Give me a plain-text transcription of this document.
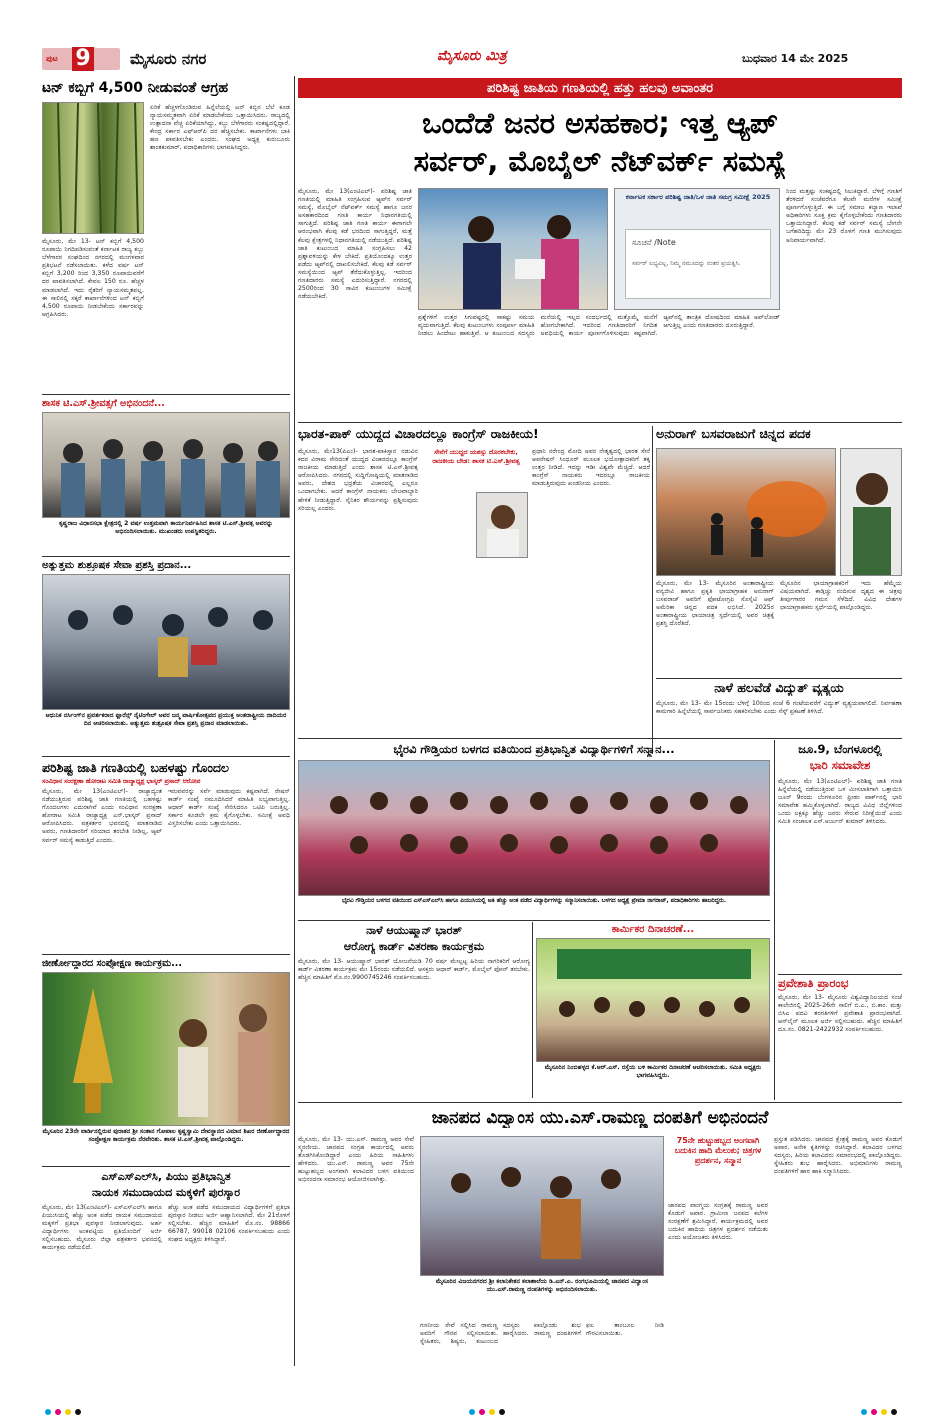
ಪುಟ 9	ಮೈಸೂರು ನಗರ	ಮೈಸೂರು ಮಿತ್ರ	ಬುಧವಾರ 14 ಮೇ 2025
ಟನ್ ಕಬ್ಬಿಗೆ 4,500 ನೀಡುವಂತೆ ಆಗ್ರಹ
ಮೈಸೂರು, ಮೇ 13- ಟನ್ ಕಬ್ಬಿಗೆ 4,500 ರೂಪಾಯಿ ನಿಗದಿಪಡಿಸುವಂತೆ ಕರ್ನಾಟಕ ರಾಜ್ಯ ಕಬ್ಬು ಬೆಳೆಗಾರರ ಸಂಘದಿಂದ ನಗರದಲ್ಲಿ ಮಂಗಳವಾರ ಪ್ರತಿಭಟನೆ ನಡೆಸಲಾಯಿತು. ಕಳೆದ ವರ್ಷ ಟನ್ ಕಬ್ಬಿಗೆ 3,200 ರಿಂದ 3,350 ರೂಪಾಯಿವರೆಗೆ ದರ ಪಾವತಿಸಲಾಗಿದೆ. ಕೇವಲ 150 ರೂ. ಹೆಚ್ಚಳ ಮಾಡಲಾಗಿದೆ. ಇದು ರೈತರಿಗೆ ನ್ಯಾಯಸಮ್ಮತವಲ್ಲ. ಈ ಸಾಲಿನಲ್ಲಿ ಸಕ್ಕರೆ ಕಾರ್ಖಾನೆಗಳಿಂದ ಟನ್ ಕಬ್ಬಿಗೆ 4,500 ರೂಪಾಯಿ ನೀಡಬೇಕೆಂದು ಸರ್ಕಾರವನ್ನು ಆಗ್ರಹಿಸಿದರು.
ಏರಿಕೆ ಹೆಚ್ಚಳಗೊಂಡಿರುವ ಹಿನ್ನೆಲೆಯಲ್ಲಿ ಟನ್ ಕಬ್ಬಿನ ಬೆಲೆ ಕೂಡ ನ್ಯಾಯಸಮ್ಮತವಾಗಿ ಏರಿಕೆ ಮಾಡಬೇಕೆಂದು ಒತ್ತಾಯಿಸಿದರು. ರಾಜ್ಯದಲ್ಲಿ ಉತ್ಪಾದನಾ ವೆಚ್ಚ ಏರಿಕೆಯಾಗಿದ್ದು, ಕಬ್ಬು ಬೆಳೆಗಾರರು ಸಂಕಷ್ಟದಲ್ಲಿದ್ದಾರೆ. ಕೇಂದ್ರ ಸರ್ಕಾರ ಎಫ್‌ಆರ್‌ಪಿ ದರ ಹೆಚ್ಚಿಸಬೇಕು. ಕಾರ್ಖಾನೆಗಳು ಬಾಕಿ ಹಣ ಪಾವತಿಸಬೇಕು ಎಂದರು. ಸಂಘದ ಅಧ್ಯಕ್ಷ ಕುರುಬೂರು ಶಾಂತಕುಮಾರ್, ಪದಾಧಿಕಾರಿಗಳು ಭಾಗವಹಿಸಿದ್ದರು.
ಶಾಸಕ ಟಿ.ಎಸ್.ಶ್ರೀವತ್ಸಗೆ ಅಭಿನಂದನೆ...
ಕೃಷ್ಣರಾಜ ವಿಧಾನಸಭಾ ಕ್ಷೇತ್ರದಲ್ಲಿ 2 ವರ್ಷ ಉತ್ತಮವಾಗಿ ಕಾರ್ಯನಿರ್ವಹಿಸಿದ ಶಾಸಕ ಟಿ.ಎಸ್.ಶ್ರೀವತ್ಸ ಅವರನ್ನು ಅಭಿನಂದಿಸಲಾಯಿತು. ಮುಖಂಡರು ಉಪಸ್ಥಿತರಿದ್ದರು.
ಅತ್ಯುತ್ತಮ ಶುಶ್ರೂಷಕ ಸೇವಾ ಪ್ರಶಸ್ತಿ ಪ್ರದಾನ...
ಆಧುನಿಕ ನರ್ಸಿಂಗ್‌ನ ಪ್ರವರ್ತಕರಾದ ಫ್ಲಾರೆನ್ಸ್ ನೈಟಿಂಗೇಲ್ ಅವರ ಜನ್ಮ ವಾರ್ಷಿಕೋತ್ಸವದ ಪ್ರಯುಕ್ತ ಅಂತರಾಷ್ಟ್ರೀಯ ದಾದಿಯರ ದಿನ ಆಚರಿಸಲಾಯಿತು. ಅತ್ಯುತ್ತಮ ಶುಶ್ರೂಷಕ ಸೇವಾ ಪ್ರಶಸ್ತಿ ಪ್ರದಾನ ಮಾಡಲಾಯಿತು.
ಪರಿಶಿಷ್ಟ ಜಾತಿ ಗಣತಿಯಲ್ಲಿ ಬಹಳಷ್ಟು ಗೊಂದಲ
ಸಂವಿಧಾನ ಸಂರಕ್ಷಣಾ ಹೋರಾಟ ಸಮಿತಿ ರಾಜ್ಯಾಧ್ಯಕ್ಷ ಭಾಸ್ಕರ್ ಪ್ರಸಾದ್ ಆರೋಪ
ಮೈಸೂರು, ಮೇ 13(ಎಂಟಿಎಲ್)- ರಾಜ್ಯಾದ್ಯಂತ ನಡೆಯುತ್ತಿರುವ ಪರಿಶಿಷ್ಟ ಜಾತಿ ಗಣತಿಯಲ್ಲಿ ಬಹಳಷ್ಟು ಗೊಂದಲಗಳು ಎದುರಾಗಿವೆ ಎಂದು ಸಂವಿಧಾನ ಸಂರಕ್ಷಣಾ ಹೋರಾಟ ಸಮಿತಿ ರಾಜ್ಯಾಧ್ಯಕ್ಷ ಎನ್.ಭಾಸ್ಕರ್ ಪ್ರಸಾದ್ ಆರೋಪಿಸಿದರು. ಪತ್ರಕರ್ತರ ಭವನದಲ್ಲಿ ಮಾತನಾಡಿದ ಅವರು, ಗಣತಿದಾರರಿಗೆ ಸರಿಯಾದ ತರಬೇತಿ ನೀಡಿಲ್ಲ, ಆ್ಯಪ್ ಸರ್ವರ್ ಸಮಸ್ಯೆ ಕಾಡುತ್ತಿದೆ ಎಂದರು.
ಇರುವವರನ್ನು ಸರ್ವೆ ಮಾಡುವುದು ಕಷ್ಟವಾಗಿದೆ. ರೇಷನ್ ಕಾರ್ಡ್ ಸಂಖ್ಯೆ ನಮೂದಿಸಿದರೆ ಮಾಹಿತಿ ಲಭ್ಯವಾಗುತ್ತಿಲ್ಲ. ಆಧಾರ್ ಕಾರ್ಡ್ ಸಂಖ್ಯೆ ಸೇರಿಸಿದರೂ ಒಟಿಪಿ ಬರುತ್ತಿಲ್ಲ. ಸರ್ಕಾರ ಕೂಡಲೇ ಕ್ರಮ ಕೈಗೊಳ್ಳಬೇಕು. ಸಮೀಕ್ಷೆ ಅವಧಿ ವಿಸ್ತರಿಸಬೇಕು ಎಂದು ಒತ್ತಾಯಿಸಿದರು.
ಜೀರ್ಣೋದ್ಧಾರದ ಸಂಪ್ರೋಕ್ಷಣ ಕಾರ್ಯಕ್ರಮ...
ಮೈಸೂರಿನ 23ನೇ ವಾರ್ಡಿನಲ್ಲಿರುವ ಪುರಾತನ ಶ್ರೀ ಸಂತಾನ ಗೋಪಾಲ ಕೃಷ್ಣಸ್ವಾಮಿ ದೇವಸ್ಥಾನದ ವಿಮಾನ ಶಿಖರ ಜೀರ್ಣೋದ್ಧಾರದ ಸಂಪ್ರೋಕ್ಷಣ ಕಾರ್ಯಕ್ರಮ ನೆರವೇರಿತು. ಶಾಸಕ ಟಿ.ಎಸ್.ಶ್ರೀವತ್ಸ ಪಾಲ್ಗೊಂಡಿದ್ದರು.
ಎಸ್‌ಎಸ್‌ಎಲ್‌ಸಿ, ಪಿಯು ಪ್ರತಿಭಾನ್ವಿತ
ನಾಯಕ ಸಮುದಾಯದ ಮಕ್ಕಳಿಗೆ ಪುರಸ್ಕಾರ
ಮೈಸೂರು, ಮೇ 13(ಎಂಟಿಎಲ್)- ಎಸ್‌ಎಸ್‌ಎಲ್‌ಸಿ ಹಾಗೂ ಪಿಯುಸಿಯಲ್ಲಿ ಹೆಚ್ಚು ಅಂಕ ಪಡೆದ ನಾಯಕ ಸಮುದಾಯದ ಮಕ್ಕಳಿಗೆ ಪ್ರತಿಭಾ ಪುರಸ್ಕಾರ ನೀಡಲಾಗುವುದು. ಅರ್ಹ ವಿದ್ಯಾರ್ಥಿಗಳು ಅಂಕಪಟ್ಟಿಯ ಪ್ರತಿಯೊಂದಿಗೆ ಅರ್ಜಿ ಸಲ್ಲಿಸಬಹುದು. ಮೈಸೂರು ಜಿಲ್ಲಾ ಪತ್ರಕರ್ತರ ಭವನದಲ್ಲಿ ಕಾರ್ಯಕ್ರಮ ನಡೆಯಲಿದೆ.
ಹೆಚ್ಚು ಅಂಕ ಪಡೆದ ಸಮುದಾಯದ ವಿದ್ಯಾರ್ಥಿಗಳಿಗೆ ಪ್ರತಿಭಾ ಪುರಸ್ಕಾರ ನೀಡಲು ಅರ್ಜಿ ಆಹ್ವಾನಿಸಲಾಗಿದೆ. ಮೇ 21ರೊಳಗೆ ಸಲ್ಲಿಸಬೇಕು. ಹೆಚ್ಚಿನ ಮಾಹಿತಿಗೆ ಮೊ.ನಂ. 98866 66787, 99018 02106 ಸಂಪರ್ಕಿಸಬಹುದು ಎಂದು ಸಂಘದ ಅಧ್ಯಕ್ಷರು ತಿಳಿಸಿದ್ದಾರೆ.
ಪರಿಶಿಷ್ಟ ಜಾತಿಯ ಗಣತಿಯಲ್ಲಿ ಹತ್ತು ಹಲವು ಅವಾಂತರ
ಒಂದೆಡೆ ಜನರ ಅಸಹಕಾರ; ಇತ್ತ ಆ್ಯಪ್
ಸರ್ವರ್, ಮೊಬೈಲ್ ನೆಟ್‌ವರ್ಕ್ ಸಮಸ್ಯೆ
ಕರ್ನಾಟಕ ಸರ್ಕಾರ ಪರಿಶಿಷ್ಟ ಜಾತಿ/ಒಳ ಜಾತಿ ಸಮಗ್ರ ಸಮೀಕ್ಷೆ 2025
ಸೂಚನೆ /Note
ಸರ್ವರ್ ಲಭ್ಯವಿಲ್ಲ, ನಿಮ್ಮ ನಮೂದನ್ನು ನಂತರ ಪ್ರಯತ್ನಿಸಿ.
ಮೈಸೂರು, ಮೇ 13(ಎಂಟಿಎಲ್)- ಪರಿಶಿಷ್ಟ ಜಾತಿ ಗಣತಿಯಲ್ಲಿ ಮಾಹಿತಿ ಸಂಗ್ರಹಿಸುವ ಆ್ಯಪ್‌ನ ಸರ್ವರ್ ಸಮಸ್ಯೆ, ಮೊಬೈಲ್ ನೆಟ್‌ವರ್ಕ್ ಸಮಸ್ಯೆ ಹಾಗೂ ಜನರ ಅಸಹಕಾರದಿಂದ ಗಣತಿ ಕಾರ್ಯ ನಿಧಾನಗತಿಯಲ್ಲಿ ಸಾಗುತ್ತಿದೆ. ಪರಿಶಿಷ್ಟ ಜಾತಿ ಗಣತಿ ಕಾರ್ಯ ಈಗಾಗಲೇ ಆರಂಭವಾಗಿ ಕೆಲವು ಕಡೆ ಭರದಿಂದ ಸಾಗುತ್ತಿದ್ದರೆ, ಮತ್ತೆ ಕೆಲವು ಕ್ಷೇತ್ರಗಳಲ್ಲಿ ನಿಧಾನಗತಿಯಲ್ಲಿ ನಡೆಯುತ್ತಿದೆ. ಪರಿಶಿಷ್ಟ ಜಾತಿ ಕುಟುಂಬದ ಮಾಹಿತಿ ಸಂಗ್ರಹಿಸಲು 42 ಪ್ರಶ್ನಾವಳಿಯನ್ನು ಕೇಳ ಬೇಕಿದೆ. ಪ್ರತಿಯೊಂದಕ್ಕೂ ಉತ್ತರ ಪಡೆದು ಆ್ಯಪ್‌ನಲ್ಲಿ ದಾಖಲಿಸಬೇಕಿದೆ. ಕೆಲವು ಕಡೆ ಸರ್ವರ್ ಸಮಸ್ಯೆಯಿಂದ ಆ್ಯಪ್ ತೆರೆದುಕೊಳ್ಳುತ್ತಿಲ್ಲ. ಇದರಿಂದ ಗಣತಿದಾರರು ಸಮಸ್ಯೆ ಎದುರಿಸುತ್ತಿದ್ದಾರೆ. ನಗರದಲ್ಲಿ 2500ರಿಂದ 30 ಸಾವಿರ ಕುಟುಂಬಗಳ ಸಮೀಕ್ಷೆ ನಡೆಯಬೇಕಿದೆ.
ಪ್ರಶ್ನೆಗಳಿಗೆ ಉತ್ತರ ಸಿಗುವಷ್ಟರಲ್ಲಿ ಸಾಕಷ್ಟು ಸಮಯ ವ್ಯಯವಾಗುತ್ತಿದೆ. ಕೆಲವು ಕುಟುಂಬಗಳು ಸಂಪೂರ್ಣ ಮಾಹಿತಿ ನೀಡಲು ಹಿಂದೇಟು ಹಾಕುತ್ತಿವೆ. ಆ ಕುಟುಂಬದ ಸದಸ್ಯರು ಮನೆಯಲ್ಲಿ ಇಲ್ಲದ ಸಂದರ್ಭದಲ್ಲಿ ಮತ್ತೊಮ್ಮೆ ಮನೆಗೆ ಹೋಗಬೇಕಾಗಿದೆ. ಇದರಿಂದ ಗಣತಿದಾರರಿಗೆ ನಿಗದಿತ ಅವಧಿಯಲ್ಲಿ ಕಾರ್ಯ ಪೂರ್ಣಗೊಳಿಸುವುದು ಕಷ್ಟವಾಗಿದೆ. ಆ್ಯಪ್‌ನಲ್ಲಿ ತಾಂತ್ರಿಕ ದೋಷದಿಂದ ಮಾಹಿತಿ ಅಪ್‌ಲೋಡ್ ಆಗುತ್ತಿಲ್ಲ ಎಂದು ಗಣತಿದಾರರು ದೂರುತ್ತಿದ್ದಾರೆ.
ನಿಂದ ಮತ್ತಷ್ಟು ಸಂಕಷ್ಟದಲ್ಲಿ ಸಿಲುಕಿದ್ದಾರೆ. ಬೆಳಿಗ್ಗೆ ಗಣತಿಗೆ ತೆರಳಿದರೆ ಸಂಜೆವರೆಗೂ ಕೆಲವೇ ಮನೆಗಳ ಸಮೀಕ್ಷೆ ಪೂರ್ಣಗೊಳ್ಳುತ್ತಿದೆ. ಈ ಬಗ್ಗೆ ಸಮಾಜ ಕಲ್ಯಾಣ ಇಲಾಖೆ ಅಧಿಕಾರಿಗಳು ಸೂಕ್ತ ಕ್ರಮ ಕೈಗೊಳ್ಳಬೇಕೆಂದು ಗಣತಿದಾರರು ಒತ್ತಾಯಿಸಿದ್ದಾರೆ. ಕೆಲವು ಕಡೆ ಸರ್ವರ್ ಸಮಸ್ಯೆ ಬೇಗನೇ ಬಗೆಹರಿದಿದ್ದು ಮೇ 23 ರೊಳಗೆ ಗಣತಿ ಮುಗಿಸುವುದು ಅನಿವಾರ್ಯವಾಗಿದೆ.
ಭಾರತ-ಪಾಕ್ ಯುದ್ಧದ ವಿಚಾರದಲ್ಲೂ ಕಾಂಗ್ರೆಸ್ ರಾಜಕೀಯ!
ಮೈಸೂರು, ಮೇ13(ಪಿಎಂ)- ಭಾರತ-ಪಾಕಿಸ್ತಾನ ನಡುವಿನ ಕದನ ವಿರಾಮ ಸೇರಿದಂತೆ ಯುದ್ಧದ ವಿಚಾರದಲ್ಲೂ ಕಾಂಗ್ರೆಸ್ ರಾಜಕೀಯ ಮಾಡುತ್ತಿದೆ ಎಂದು ಶಾಸಕ ಟಿ.ಎಸ್.ಶ್ರೀವತ್ಸ ಆರೋಪಿಸಿದರು. ನಗರದಲ್ಲಿ ಸುದ್ದಿಗೋಷ್ಠಿಯಲ್ಲಿ ಮಾತನಾಡಿದ ಅವರು, ದೇಶದ ಭದ್ರತೆಯ ವಿಚಾರದಲ್ಲಿ ಎಲ್ಲರೂ ಒಂದಾಗಬೇಕು. ಆದರೆ ಕಾಂಗ್ರೆಸ್ ನಾಯಕರು ಬೇಜವಾಬ್ದಾರಿ ಹೇಳಿಕೆ ನೀಡುತ್ತಿದ್ದಾರೆ. ಸೈನಿಕರ ಶೌರ್ಯವನ್ನು ಪ್ರಶ್ನಿಸುವುದು ಸರಿಯಲ್ಲ ಎಂದರು.
ಸೇನೆಗೆ ಯುದ್ಧದ ಯಶಸ್ಸು ದೊರಕಬೇಕು, ರಾಜಕೀಯ ಬೇಡ: ಶಾಸಕ ಟಿ.ಎಸ್.ಶ್ರೀವತ್ಸ
ಪ್ರಧಾನಿ ನರೇಂದ್ರ ಮೋದಿ ಅವರ ನೇತೃತ್ವದಲ್ಲಿ ಭಾರತ ಸೇನೆ ಆಪರೇಷನ್ ಸಿಂಧೂರ್ ಮೂಲಕ ಭಯೋತ್ಪಾದಕರಿಗೆ ತಕ್ಕ ಉತ್ತರ ನೀಡಿದೆ. ಇದನ್ನು ಇಡೀ ವಿಶ್ವವೇ ಮೆಚ್ಚಿದೆ. ಆದರೆ ಕಾಂಗ್ರೆಸ್ ನಾಯಕರು ಇದರಲ್ಲೂ ರಾಜಕೀಯ ಮಾಡುತ್ತಿರುವುದು ಖಂಡನೀಯ ಎಂದರು.
ಅನುರಾಗ್ ಬಸವರಾಜುಗೆ ಚಿನ್ನದ ಪದಕ
ಮೈಸೂರು, ಮೇ 13- ಮೈಸೂರಿನ ಅಂತಾರಾಷ್ಟ್ರೀಯ ವನ್ಯಜೀವಿ ಹಾಗೂ ಪ್ರಕೃತಿ ಛಾಯಾಗ್ರಾಹಕ ಅನುರಾಗ್ ಬಸವರಾಜ್ ಅವರಿಗೆ ಫೋಟೋಗ್ರಫಿ ಸೊಸೈಟಿ ಆಫ್ ಅಮೆರಿಕಾ ಚಿನ್ನದ ಪದಕ ಲಭಿಸಿದೆ. 2025ರ ಅಂತಾರಾಷ್ಟ್ರೀಯ ಛಾಯಾಚಿತ್ರ ಸ್ಪರ್ಧೆಯಲ್ಲಿ ಅವರ ಚಿತ್ರಕ್ಕೆ ಪ್ರಶಸ್ತಿ ದೊರೆತಿದೆ.
ಮೈಸೂರಿನ ಛಾಯಾಗ್ರಾಹಕರಿಗೆ ಇದು ಹೆಮ್ಮೆಯ ವಿಷಯವಾಗಿದೆ. ಕಾಡ್ಗಿಚ್ಚು ನಂದಿಸುವ ದೃಶ್ಯದ ಈ ಚಿತ್ರವು ತೀರ್ಪುಗಾರರ ಗಮನ ಸೆಳೆದಿದೆ. ವಿವಿಧ ದೇಶಗಳ ಛಾಯಾಗ್ರಾಹಕರು ಸ್ಪರ್ಧೆಯಲ್ಲಿ ಪಾಲ್ಗೊಂಡಿದ್ದರು.
ನಾಳೆ ಹಲವೆಡೆ ವಿದ್ಯುತ್ ವ್ಯತ್ಯಯ
ಮೈಸೂರು, ಮೇ 13- ಮೇ 15ರಂದು ಬೆಳಿಗ್ಗೆ 10ರಿಂದ ಸಂಜೆ 6 ಗಂಟೆಯವರೆಗೆ ವಿದ್ಯುತ್ ವ್ಯತ್ಯಯವಾಗಲಿದೆ. ನಿರ್ವಹಣಾ ಕಾಮಗಾರಿ ಹಿನ್ನೆಲೆಯಲ್ಲಿ ಸಾರ್ವಜನಿಕರು ಸಹಕರಿಸಬೇಕು ಎಂದು ಸೆಸ್ಕ್ ಪ್ರಕಟಣೆ ತಿಳಿಸಿದೆ.
ಭೈರವಿ ಗೌಡ್ತಿಯರ ಬಳಗದ ವತಿಯಿಂದ ಪ್ರತಿಭಾನ್ವಿತ ವಿದ್ಯಾರ್ಥಿಗಳಿಗೆ ಸನ್ಮಾನ...
ಭೈರವಿ ಗೌಡ್ತಿಯರ ಬಳಗದ ವತಿಯಿಂದ ಎಸ್‌ಎಸ್‌ಎಲ್‌ಸಿ ಹಾಗೂ ಪಿಯುಸಿಯಲ್ಲಿ ಅತಿ ಹೆಚ್ಚು ಅಂಕ ಪಡೆದ ವಿದ್ಯಾರ್ಥಿಗಳನ್ನು ಸನ್ಮಾನಿಸಲಾಯಿತು. ಬಳಗದ ಅಧ್ಯಕ್ಷೆ ಪ್ರೇಮಾ ನಾಗರಾಜ್, ಪದಾಧಿಕಾರಿಗಳು ಹಾಜರಿದ್ದರು.
ಜೂ.9, ಬೆಂಗಳೂರಲ್ಲಿ
ಭಾರಿ ಸಮಾವೇಶ
ಮೈಸೂರು, ಮೇ 13(ಎಂಟಿಎಲ್)- ಪರಿಶಿಷ್ಟ ಜಾತಿ ಗಣತಿ ಹಿನ್ನೆಲೆಯಲ್ಲಿ ನಡೆಯುತ್ತಿರುವ ಒಳ ಮೀಸಲಾತಿಗಾಗಿ ಒತ್ತಾಯಿಸಿ ಜೂನ್ 9ರಂದು ಬೆಂಗಳೂರಿನ ಫ್ರೀಡಂ ಪಾರ್ಕ್‌ನಲ್ಲಿ ಭಾರಿ ಸಮಾವೇಶ ಹಮ್ಮಿಕೊಳ್ಳಲಾಗಿದೆ. ರಾಜ್ಯದ ವಿವಿಧ ಜಿಲ್ಲೆಗಳಿಂದ ಒಂದು ಲಕ್ಷಕ್ಕೂ ಹೆಚ್ಚು ಜನರು ಸೇರುವ ನಿರೀಕ್ಷೆಯಿದೆ ಎಂದು ಸಮಿತಿ ಸಂಚಾಲಕ ಎಸ್.ಅರ್ಜುನ್ ಕುಮಾರ್ ತಿಳಿಸಿದರು.
ಪ್ರವೇಶಾತಿ ಪ್ರಾರಂಭ
ಮೈಸೂರು, ಮೇ 13- ಮೈಸೂರು ವಿಶ್ವವಿದ್ಯಾನಿಲಯದ ಸಂಜೆ ಕಾಲೇಜಿನಲ್ಲಿ 2025-26ನೇ ಸಾಲಿಗೆ ಬಿ.ಎ., ಬಿ.ಕಾಂ. ಮತ್ತು ಬಿಸಿಎ ಪದವಿ ತರಗತಿಗಳಿಗೆ ಪ್ರವೇಶಾತಿ ಪ್ರಾರಂಭವಾಗಿದೆ. ಆನ್‌ಲೈನ್ ಮೂಲಕ ಅರ್ಜಿ ಸಲ್ಲಿಸಬಹುದು. ಹೆಚ್ಚಿನ ಮಾಹಿತಿಗೆ ದೂ.ಸಂ. 0821-2422932 ಸಂಪರ್ಕಿಸಬಹುದು.
ನಾಳೆ ಆಯುಷ್ಮಾನ್ ಭಾರತ್
ಆರೋಗ್ಯ ಕಾರ್ಡ್ ವಿತರಣಾ ಕಾರ್ಯಕ್ರಮ
ಮೈಸೂರು, ಮೇ 13- ಆಯುಷ್ಮಾನ್ ಭಾರತ್ ಯೋಜನೆಯಡಿ 70 ವರ್ಷ ಮೇಲ್ಪಟ್ಟ ಹಿರಿಯ ನಾಗರಿಕರಿಗೆ ಆರೋಗ್ಯ ಕಾರ್ಡ್ ವಿತರಣಾ ಕಾರ್ಯಕ್ರಮ ಮೇ 15ರಂದು ನಡೆಯಲಿದೆ. ಆಸಕ್ತರು ಆಧಾರ್ ಕಾರ್ಡ್, ಮೊಬೈಲ್ ಫೋನ್ ತರಬೇಕು. ಹೆಚ್ಚಿನ ಮಾಹಿತಿಗೆ ಮೊ.ನಂ.9900745246 ಸಂಪರ್ಕಿಸಬಹುದು.
ಕಾರ್ಮಿಕರ ದಿನಾಚರಣೆ...
ಮೈಸೂರಿನ ನಿಂಬಿಹಳ್ಳದ ಕೆ.ಆರ್.ಎಸ್. ರಸ್ತೆಯ ಬಳಿ ಕಾರ್ಮಿಕರ ದಿನಾಚರಣೆ ಆಚರಿಸಲಾಯಿತು. ಸಮಿತಿ ಅಧ್ಯಕ್ಷರು ಭಾಗವಹಿಸಿದ್ದರು.
ಜಾನಪದ ವಿದ್ವಾಂಸ ಯು.ಎಸ್.ರಾಮಣ್ಣ ದಂಪತಿಗೆ ಅಭಿನಂದನೆ
ಮೈಸೂರು, ಮೇ 13- ಯು.ಎಸ್. ರಾಮಣ್ಣ ಅವರ ಸೇವೆ ಸ್ಮರಣೀಯ. ಜಾನಪದ ಸಂಗ್ರಹ ಕಾರ್ಯದಲ್ಲಿ ಅವರು ತೊಡಗಿಸಿಕೊಂಡಿದ್ದಾರೆ ಎಂದು ಹಿರಿಯ ಸಾಹಿತಿಗಳು ಹೇಳಿದರು. ಯು.ಎಸ್. ರಾಮಣ್ಣ ಅವರ 75ನೇ ಹುಟ್ಟುಹಬ್ಬದ ಅಂಗವಾಗಿ ಕಲಾವಿದರ ಬಳಗ ವತಿಯಿಂದ ಅಭಿನಂದನಾ ಸಮಾರಂಭ ಆಯೋಜಿಸಲಾಗಿತ್ತು.
75ನೇ ಹುಟ್ಟುಹಬ್ಬದ ಅಂಗವಾಗಿ ಬದುಕಿನ ಹಾದಿ ಮೆಲುಕು; ಚಿತ್ರಗಳ ಪ್ರದರ್ಶನ, ಸನ್ಮಾನ
ಜಾನಪದ ವಾಂಗ್ಮಯ ಸಂಗ್ರಹಕ್ಕೆ ರಾಮಣ್ಣ ಅವರ ಕೊಡುಗೆ ಅಪಾರ. ಗ್ರಾಮೀಣ ಜನಪದ ಕಲೆಗಳ ಸಂರಕ್ಷಣೆಗೆ ಶ್ರಮಿಸಿದ್ದಾರೆ. ಕಾರ್ಯಕ್ರಮದಲ್ಲಿ ಅವರ ಬದುಕಿನ ಹಾದಿಯ ಚಿತ್ರಗಳ ಪ್ರದರ್ಶನ ನಡೆಯಿತು ಎಂದು ಆಯೋಜಕರು ತಿಳಿಸಿದರು.
ಮೈಸೂರಿನ ವಿಜಯನಗರದ ಶ್ರೀ ಕಲಾನಿಕೇತನ ಕಲಾಶಾಲೆಯ ಡಿ.ಎನ್.ಎ. ರಂಗಭೂಮಿಯಲ್ಲಿ ಜಾನಪದ ವಿದ್ವಾಂಸ ಯು.ಎಸ್.ರಾಮಣ್ಣ ದಂಪತಿಗಳನ್ನು ಅಭಿನಂದಿಸಲಾಯಿತು.
ಗಣನೀಯ ಸೇವೆ ಸಲ್ಲಿಸಿದ ರಾಮಣ್ಣ ಅವರಿಗೆ ಗೌರವ ಸಲ್ಲಿಸಲಾಯಿತು. ಸ್ನೇಹಿತರು, ಶಿಷ್ಯರು, ಕುಟುಂಬದ ಸದಸ್ಯರು ಪಾಲ್ಗೊಂಡು ಶುಭ ಹಾರೈಸಿದರು. ರಾಮಣ್ಣ ದಂಪತಿಗಳಿಗೆ ಫಲ ತಾಂಬೂಲ ನೀಡಿ ಗೌರವಿಸಲಾಯಿತು.
ಪ್ರಸ್ತುತ ಪಡಿಸಿದರು. ಜಾನಪದ ಕ್ಷೇತ್ರಕ್ಕೆ ರಾಮಣ್ಣ ಅವರ ಕೊಡುಗೆ ಅಪಾರ. ಅನೇಕ ಕೃತಿಗಳನ್ನು ರಚಿಸಿದ್ದಾರೆ. ಕಲಾವಿದರ ಬಳಗದ ಸದಸ್ಯರು, ಹಿರಿಯ ಕಲಾವಿದರು ಸಮಾರಂಭದಲ್ಲಿ ಪಾಲ್ಗೊಂಡಿದ್ದರು. ಸ್ನೇಹಿತರು ಶುಭ ಹಾರೈಸಿದರು. ಅಭಿಮಾನಿಗಳು ರಾಮಣ್ಣ ದಂಪತಿಗಳಿಗೆ ಹಾರ ಹಾಕಿ ಸನ್ಮಾನಿಸಿದರು.
